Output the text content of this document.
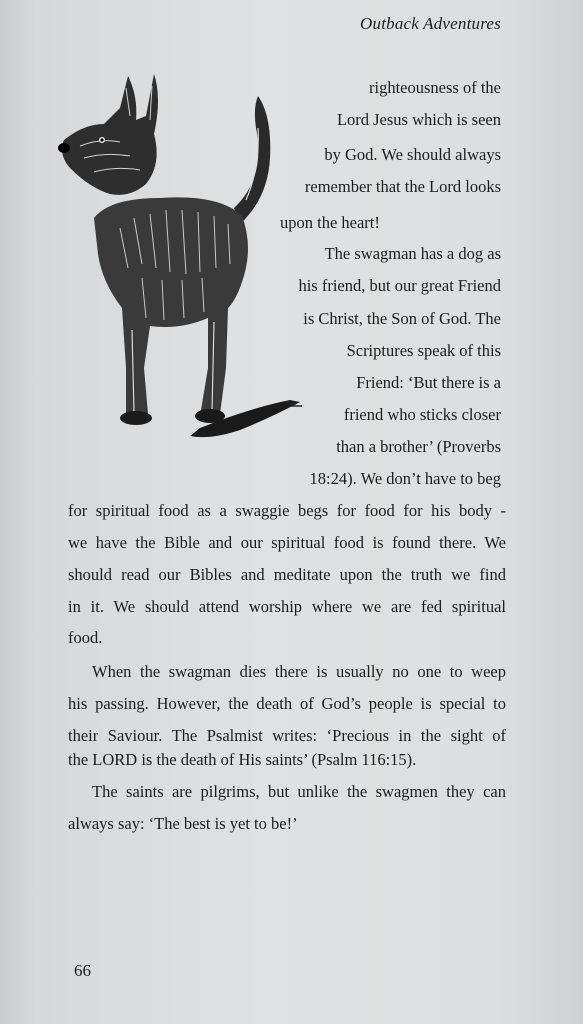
Outback Adventures
righteousness of the
Lord Jesus which is seen
by God. We should always
remember that the Lord looks
upon the heart!
The swagman has a dog as
his friend, but our great Friend
is Christ, the Son of God. The
Scriptures speak of this
Friend: ‘But there is a
friend who sticks closer
than a brother’ (Proverbs
18:24). We don’t have to beg
for spiritual food as a swaggie begs for food for his body -
we have the Bible and our spiritual food is found there. We
should read our Bibles and meditate upon the truth we find
in it. We should attend worship where we are fed spiritual
food.
When the swagman dies there is usually no one to weep
his passing. However, the death of God’s people is special to
their Saviour. The Psalmist writes: ‘Precious in the sight of
the LORD is the death of His saints’ (Psalm 116:15).
The saints are pilgrims, but unlike the swagmen they can
always say: ‘The best is yet to be!’
66
